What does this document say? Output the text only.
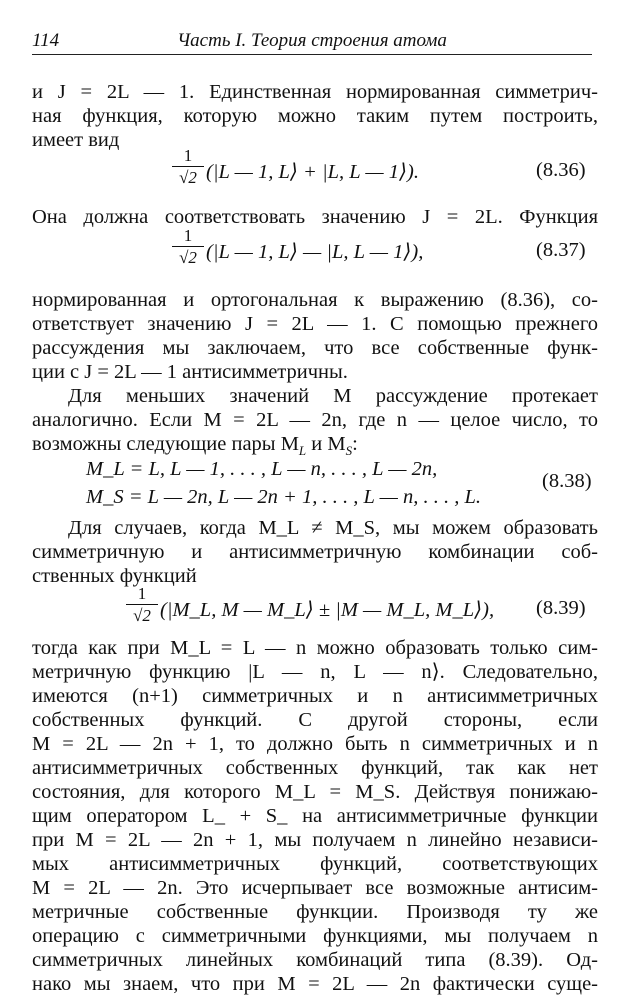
114	Часть I. Теория строения атома
и J = 2L — 1. Единственная нормированная симметрич-
ная функция, которую можно таким путем построить,
имеет вид
$\frac{1}{√2} (|L$ — 1, L⟩ + |L, L — 1⟩).	(8.36)
Она должна соответствовать значению J = 2L. Функция
$\frac{1}{√2} (|L$ — 1, L⟩ — |L, L — 1⟩),	(8.37)
нормированная и ортогональная к выражению (8.36), со-
ответствует значению J = 2L — 1. С помощью прежнего
рассуждения мы заключаем, что все собственные функ-
ции с J = 2L — 1 антисимметричны.
Для меньших значений M рассуждение протекает
аналогично. Если M = 2L — 2n, где n — целое число, то
возможны следующие пары $M_L$ и $M_S$:
M_L = L, L — 1, . . . , L — n, . . . , L — 2n,
M_S = L — 2n, L — 2n + 1, . . . , L — n, . . . , L.
(8.38)
Для случаев, когда M_L ≠ M_S, мы можем образовать
симметричную и антисимметричную комбинации соб-
ственных функций
$\frac{1}{√2}$ (|M_L, M — M_L⟩ ± |M — M_L, M_L⟩), (8.39)
тогда как при M_L = L — n можно образовать только сим-
метричную функцию |L — n, L — n⟩. Следовательно,
имеются (n+1) симметричных и n антисимметричных
собственных функций. С другой стороны, если
M = 2L — 2n + 1, то должно быть n симметричных и n
антисимметричных собственных функций, так как нет
состояния, для которого M_L = M_S. Действуя понижаю-
щим оператором L_ + S_ на антисимметричные функции
при M = 2L — 2n + 1, мы получаем n линейно независи-
мых антисимметричных функций, соответствующих
M = 2L — 2n. Это исчерпывает все возможные антисим-
метричные собственные функции. Производя ту же
операцию с симметричными функциями, мы получаем n
симметричных линейных комбинаций типа (8.39). Од-
нако мы знаем, что при M = 2L — 2n фактически суще-
